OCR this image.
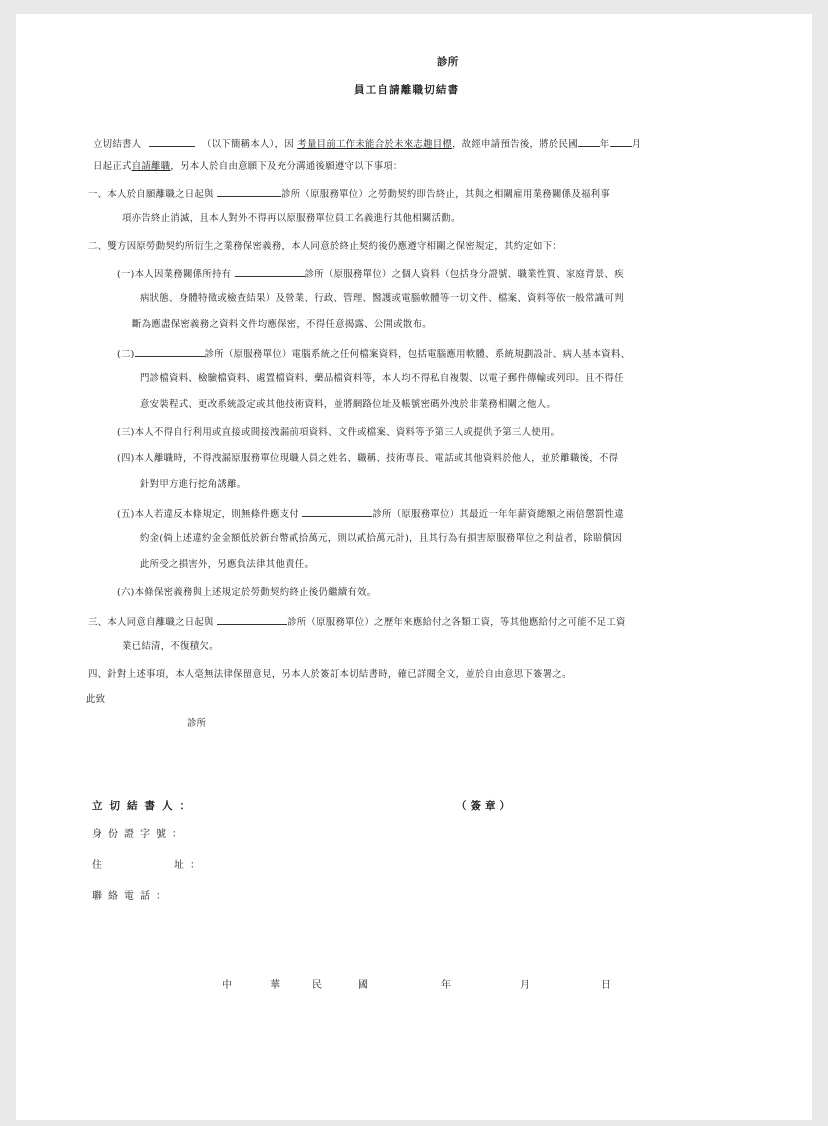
診所
員工自請離職切結書
立切結書人	（以下簡稱本人），因 考量目前工作未能合於未來志趣目標，故經申請預告後，將於民國 年 月
日起正式自請離職，另本人於自由意願下及充分溝通後願遵守以下事項：
一、本人於自願離職之日起與	診所（原服務單位）之勞動契約即告終止，其與之相關雇用業務關係及福利事
項亦告終止消滅，且本人對外不得再以原服務單位員工名義進行其他相關活動。
二、雙方因原勞動契約所衍生之業務保密義務，本人同意於終止契約後仍應遵守相關之保密規定，其約定如下：
(一)本人因業務關係所持有	診所（原服務單位）之個人資料（包括身分證號、職業性質、家庭背景、疾
病狀態、身體特徵或檢查結果）及營業、行政、管理、醫護或電腦軟體等一切文件、檔案、資料等依一般常識可判
斷為應盡保密義務之資料文件均應保密，不得任意揭露、公開或散布。
(二)	診所（原服務單位）電腦系統之任何檔案資料，包括電腦應用軟體、系統規劃設計、病人基本資料、
門診檔資料、檢驗檔資料、處置檔資料、藥品檔資料等，本人均不得私自複製、以電子郵件傳輸或列印。且不得任
意安裝程式、更改系統設定或其他技術資料，並將網路位址及帳號密碼外洩於非業務相關之他人。
(三)本人不得自行利用或直接或間接洩漏前項資料、文件或檔案、資料等予第三人或提供予第三人使用。
(四)本人離職時，不得洩漏原服務單位現職人員之姓名、職稱、技術專長、電話或其他資料於他人，並於離職後，不得
針對甲方進行挖角誘離。
(五)本人若違反本條規定，則無條件應支付	診所（原服務單位）其最近一年年薪資總額之兩倍懲罰性違
約金(倘上述違約金金額低於新台幣貳拾萬元，則以貳拾萬元計)，且其行為有損害原服務單位之利益者，除賠償因
此所受之損害外，另應負法律其他責任。
(六)本條保密義務與上述規定於勞動契約終止後仍繼續有效。
三、本人同意自離職之日起與	診所（原服務單位）之歷年來應給付之各類工資，等其他應給付之可能不足工資
業已結清，不復積欠。
四、針對上述事項，本人毫無法律保留意見，另本人於簽訂本切結書時，確已詳閱全文，並於自由意思下簽署之。
此致
診所
立切結書人：	（簽章）
身份證字號：
住	址：
聯絡電話：
中	華	民	國	年	月	日
